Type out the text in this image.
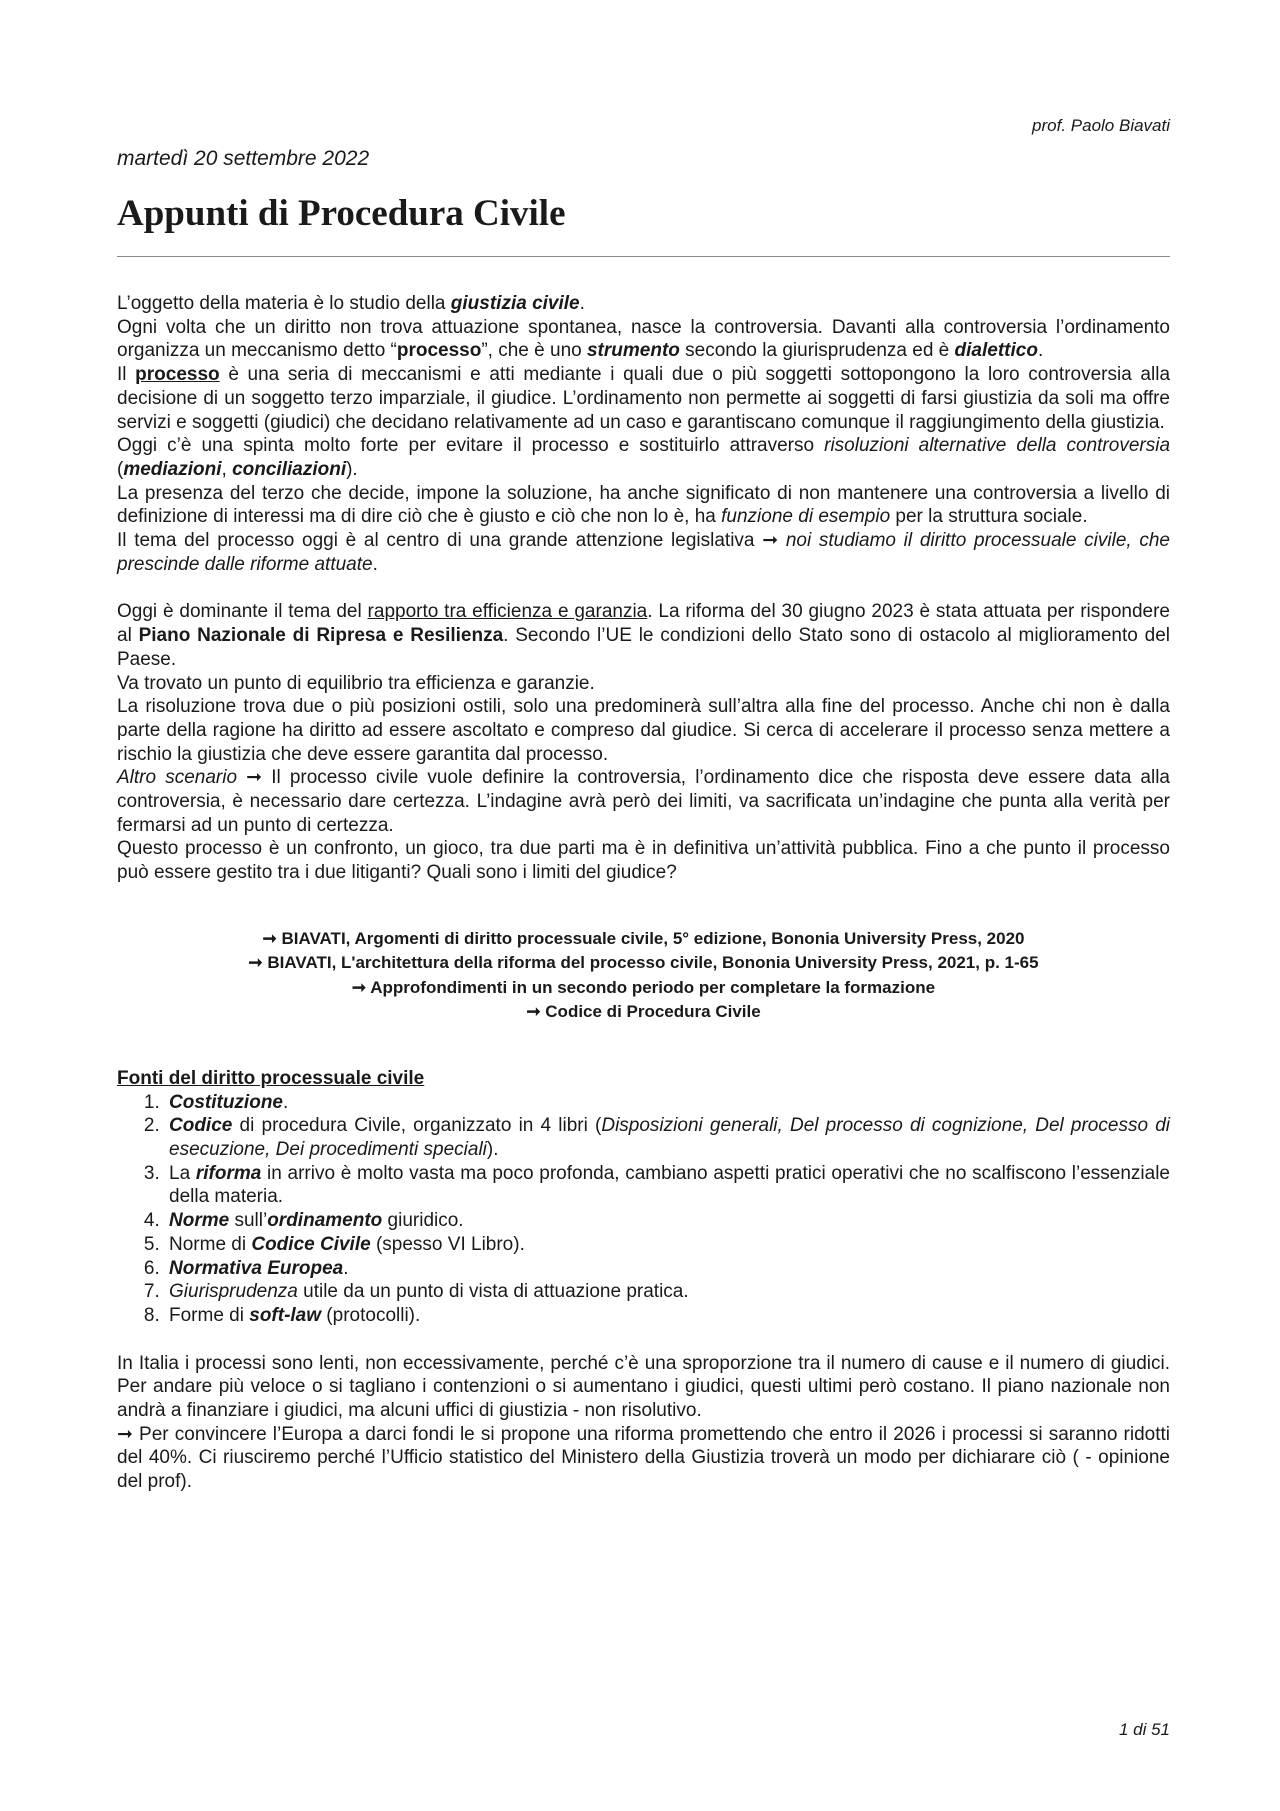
prof. Paolo Biavati
martedì 20 settembre 2022
Appunti di Procedura Civile

L’oggetto della materia è lo studio della giustizia civile.

Ogni volta che un diritto non trova attuazione spontanea, nasce la controversia. Davanti alla controversia l’ordinamento organizza un meccanismo detto “processo”, che è uno strumento secondo la giurisprudenza ed è dialettico.

Il processo è una seria di meccanismi e atti mediante i quali due o più soggetti sottopongono la loro controversia alla decisione di un soggetto terzo imparziale, il giudice. L’ordinamento non permette ai soggetti di farsi giustizia da soli ma offre servizi e soggetti (giudici) che decidano relativamente ad un caso e garantiscano comunque il raggiungimento della giustizia.

Oggi c’è una spinta molto forte per evitare il processo e sostituirlo attraverso risoluzioni alternative della controversia (mediazioni, conciliazioni).

La presenza del terzo che decide, impone la soluzione, ha anche significato di non mantenere una controversia a livello di definizione di interessi ma di dire ciò che è giusto e ciò che non lo è, ha funzione di esempio per la struttura sociale.

Il tema del processo oggi è al centro di una grande attenzione legislativa ➞ noi studiamo il diritto processuale civile, che prescinde dalle riforme attuate.

Oggi è dominante il tema del rapporto tra efficienza e garanzia. La riforma del 30 giugno 2023 è stata attuata per rispondere al Piano Nazionale di Ripresa e Resilienza. Secondo l’UE le condizioni dello Stato sono di ostacolo al miglioramento del Paese.

Va trovato un punto di equilibrio tra efficienza e garanzie.

La risoluzione trova due o più posizioni ostili, solo una predominerà sull’altra alla fine del processo. Anche chi non è dalla parte della ragione ha diritto ad essere ascoltato e compreso dal giudice. Si cerca di accelerare il processo senza mettere a rischio la giustizia che deve essere garantita dal processo.

Altro scenario ➞ Il processo civile vuole definire la controversia, l’ordinamento dice che risposta deve essere data alla controversia, è necessario dare certezza. L’indagine avrà però dei limiti, va sacrificata un’indagine che punta alla verità per fermarsi ad un punto di certezza.

Questo processo è un confronto, un gioco, tra due parti ma è in definitiva un’attività pubblica. Fino a che punto il processo può essere gestito tra i due litiganti? Quali sono i limiti del giudice?

➞ BIAVATI, Argomenti di diritto processuale civile, 5° edizione, Bononia University Press, 2020
➞ BIAVATI, L'architettura della riforma del processo civile, Bononia University Press, 2021, p. 1-65
➞ Approfondimenti in un secondo periodo per completare la formazione
➞ Codice di Procedura Civile

Fonti del diritto processuale civile

1. Costituzione.
2. Codice di procedura Civile, organizzato in 4 libri (Disposizioni generali, Del processo di cognizione, Del processo di esecuzione, Dei procedimenti speciali).
3. La riforma in arrivo è molto vasta ma poco profonda, cambiano aspetti pratici operativi che no scalfiscono l’essenziale della materia.
4. Norme sull’ordinamento giuridico.
5. Norme di Codice Civile (spesso VI Libro).
6. Normativa Europea.
7. Giurisprudenza utile da un punto di vista di attuazione pratica.
8. Forme di soft-law (protocolli).

In Italia i processi sono lenti, non eccessivamente, perché c’è una sproporzione tra il numero di cause e il numero di giudici. Per andare più veloce o si tagliano i contenzioni o si aumentano i giudici, questi ultimi però costano. Il piano nazionale non andrà a finanziare i giudici, ma alcuni uffici di giustizia - non risolutivo.

➞ Per convincere l’Europa a darci fondi le si propone una riforma promettendo che entro il 2026 i processi si saranno ridotti del 40%. Ci riusciremo perché l’Ufficio statistico del Ministero della Giustizia troverà un modo per dichiarare ciò ( - opinione del prof).

1 di 51
